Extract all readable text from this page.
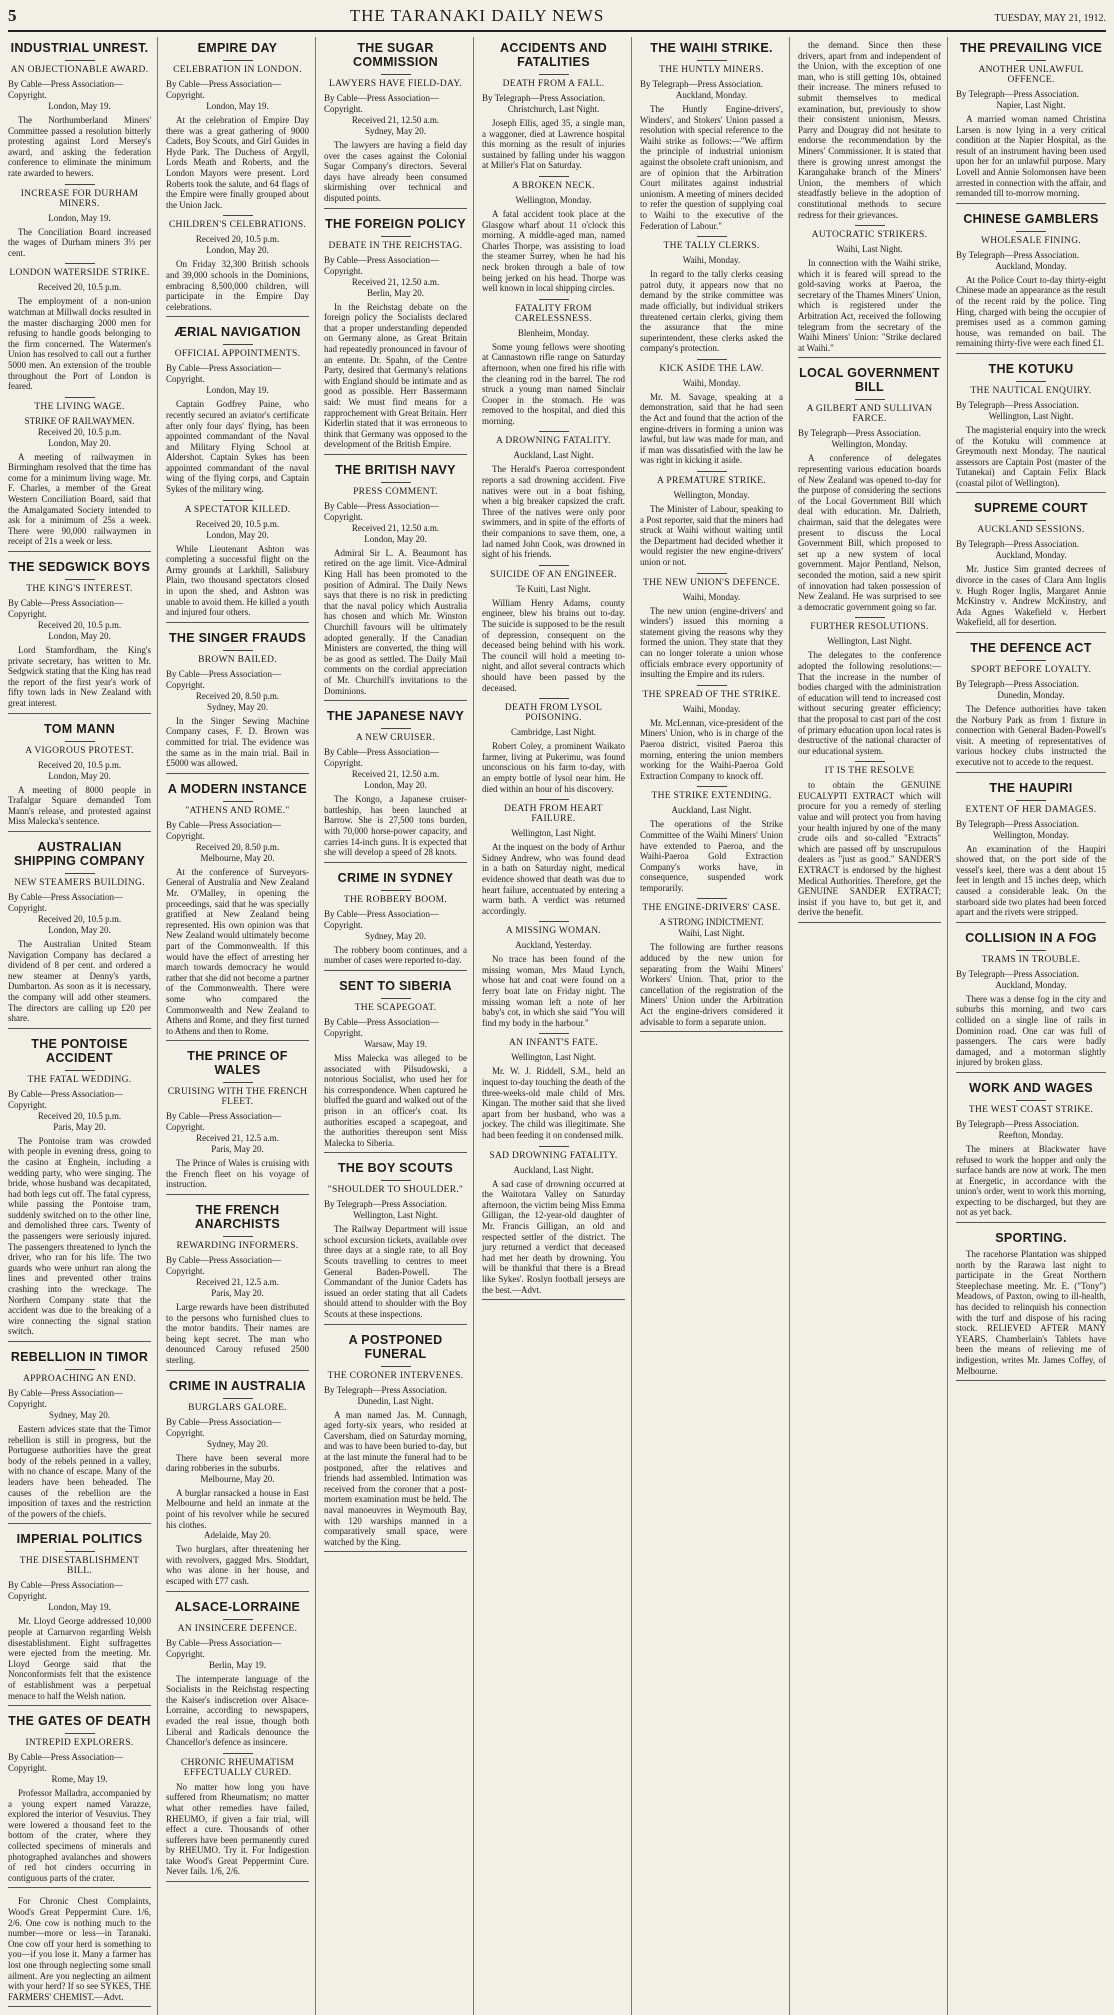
5	THE TARANAKI DAILY NEWS	TUESDAY, MAY 21, 1912.
INDUSTRIAL UNREST.
AN OBJECTIONABLE AWARD.

By Cable—Press Association—Copyright.

London, May 19.

The Northumberland Miners' Committee passed a resolution bitterly protesting against Lord Mersey's award, and asking the federation conference to eliminate the minimum rate awarded to hewers.

INCREASE FOR DURHAM MINERS.

London, May 19.

The Conciliation Board increased the wages of Durham miners 3⅓ per cent.

LONDON WATERSIDE STRIKE.

Received 20, 10.5 p.m.

The employment of a non-union watchman at Millwall docks resulted in the master discharging 2000 men for refusing to handle goods belonging to the firm concerned. The Watermen's Union has resolved to call out a further 5000 men. An extension of the trouble throughout the Port of London is feared.

THE LIVING WAGE.

STRIKE OF RAILWAYMEN.

Received 20, 10.5 p.m.

London, May 20.

A meeting of railwaymen in Birmingham resolved that the time has come for a minimum living wage. Mr. F. Charles, a member of the Great Western Conciliation Board, said that the Amalgamated Society intended to ask for a minimum of 25s a week. There were 90,000 railwaymen in receipt of 21s a week or less.

THE SEDGWICK BOYS
THE KING'S INTEREST.

By Cable—Press Association—Copyright.

Received 20, 10.5 p.m.

London, May 20.

Lord Stamfordham, the King's private secretary, has written to Mr. Sedgwick stating that the King has read the report of the first year's work of fifty town lads in New Zealand with great interest.

TOM MANN
A VIGOROUS PROTEST.

Received 20, 10.5 p.m.

London, May 20.

A meeting of 8000 people in Trafalgar Square demanded Tom Mann's release, and protested against Miss Malecka's sentence.

AUSTRALIAN SHIPPING COMPANY
NEW STEAMERS BUILDING.

By Cable—Press Association—Copyright.

Received 20, 10.5 p.m.

London, May 20.

The Australian United Steam Navigation Company has declared a dividend of 8 per cent. and ordered a new steamer at Denny's yards, Dumbarton. As soon as it is necessary, the company will add other steamers. The directors are calling up £20 per share.

THE PONTOISE ACCIDENT
THE FATAL WEDDING.

By Cable—Press Association—Copyright.

Received 20, 10.5 p.m.

Paris, May 20.

The Pontoise tram was crowded with people in evening dress, going to the casino at Enghein, including a wedding party, who were singing. The bride, whose husband was decapitated, had both legs cut off. The fatal cypress, while passing the Pontoise tram, suddenly switched on to the other line, and demolished three cars. Twenty of the passengers were seriously injured. The passengers threatened to lynch the driver, who ran for his life. The two guards who were unhurt ran along the lines and prevented other trains crashing into the wreckage. The Northern Company state that the accident was due to the breaking of a wire connecting the signal station switch.

REBELLION IN TIMOR
APPROACHING AN END.

By Cable—Press Association—Copyright.

Sydney, May 20.

Eastern advices state that the Timor rebellion is still in progress, but the Portuguese authorities have the great body of the rebels penned in a valley, with no chance of escape. Many of the leaders have been beheaded. The causes of the rebellion are the imposition of taxes and the restriction of the powers of the chiefs.

IMPERIAL POLITICS
THE DISESTABLISHMENT BILL.

By Cable—Press Association—Copyright.

London, May 19.

Mr. Lloyd George addressed 10,000 people at Carnarvon regarding Welsh disestablishment. Eight suffragettes were ejected from the meeting. Mr. Lloyd George said that the Nonconformists felt that the existence of establishment was a perpetual menace to half the Welsh nation.

THE GATES OF DEATH
INTREPID EXPLORERS.

By Cable—Press Association—Copyright.

Rome, May 19.

Professor Malladra, accompanied by a young expert named Varazze, explored the interior of Vesuvius. They were lowered a thousand feet to the bottom of the crater, where they collected specimens of minerals and photographed avalanches and showers of red hot cinders occurring in contiguous parts of the crater.

For Chronic Chest Complaints, Wood's Great Peppermint Cure. 1/6, 2/6. One cow is nothing much to the number—more or less—in Taranaki. One cow off your herd is something to you—if you lose it. Many a farmer has lost one through neglecting some small ailment. Are you neglecting an ailment with your herd? If so see SYKES, THE FARMERS' CHEMIST.—Advt.

EMPIRE DAY
CELEBRATION IN LONDON.

By Cable—Press Association—Copyright.

London, May 19.

At the celebration of Empire Day there was a great gathering of 9000 Cadets, Boy Scouts, and Girl Guides in Hyde Park. The Duchess of Argyll, Lords Meath and Roberts, and the London Mayors were present. Lord Roberts took the salute, and 64 flags of the Empire were finally grouped about the Union Jack.

CHILDREN'S CELEBRATIONS.

Received 20, 10.5 p.m.

London, May 20.

On Friday 32,300 British schools and 39,000 schools in the Dominions, embracing 8,500,000 children, will participate in the Empire Day celebrations.

ÆRIAL NAVIGATION
OFFICIAL APPOINTMENTS.

By Cable—Press Association—Copyright.

London, May 19.

Captain Godfrey Paine, who recently secured an aviator's certificate after only four days' flying, has been appointed commandant of the Naval and Military Flying School at Aldershot. Captain Sykes has been appointed commandant of the naval wing of the flying corps, and Captain Sykes of the military wing.

A SPECTATOR KILLED.

Received 20, 10.5 p.m.

London, May 20.

While Lieutenant Ashton was completing a successful flight on the Army grounds at Larkhill, Salisbury Plain, two thousand spectators closed in upon the shed, and Ashton was unable to avoid them. He killed a youth and injured four others.

THE SINGER FRAUDS
BROWN BAILED.

By Cable—Press Association—Copyright.

Received 20, 8.50 p.m.

Sydney, May 20.

In the Singer Sewing Machine Company cases, F. D. Brown was committed for trial. The evidence was the same as in the main trial. Bail in £5000 was allowed.

A MODERN INSTANCE
"ATHENS AND ROME."

By Cable—Press Association—Copyright.

Received 20, 8.50 p.m.

Melbourne, May 20.

At the conference of Surveyors-General of Australia and New Zealand Mr. O'Malley, in opening the proceedings, said that he was specially gratified at New Zealand being represented. His own opinion was that New Zealand would ultimately become part of the Commonwealth. If this would have the effect of arresting her march towards democracy he would rather that she did not become a partner of the Commonwealth. There were some who compared the Commonwealth and New Zealand to Athens and Rome, and they first turned to Athens and then to Rome.

THE PRINCE OF WALES
CRUISING WITH THE FRENCH FLEET.

By Cable—Press Association—Copyright.

Received 21, 12.5 a.m.

Paris, May 20.

The Prince of Wales is cruising with the French fleet on his voyage of instruction.

THE FRENCH ANARCHISTS
REWARDING INFORMERS.

By Cable—Press Association—Copyright.

Received 21, 12.5 a.m.

Paris, May 20.

Large rewards have been distributed to the persons who furnished clues to the motor bandits. Their names are being kept secret. The man who denounced Carouy refused 2500 sterling.

CRIME IN AUSTRALIA
BURGLARS GALORE.

By Cable—Press Association—Copyright.

Sydney, May 20.

There have been several more daring robberies in the suburbs.

Melbourne, May 20.

A burglar ransacked a house in East Melbourne and held an inmate at the point of his revolver while he secured his clothes.

Adelaide, May 20.

Two burglars, after threatening her with revolvers, gagged Mrs. Stoddart, who was alone in her house, and escaped with £77 cash.

ALSACE-LORRAINE
AN INSINCERE DEFENCE.

By Cable—Press Association—Copyright.

Berlin, May 19.

The intemperate language of the Socialists in the Reichstag respecting the Kaiser's indiscretion over Alsace-Lorraine, according to newspapers, evaded the real issue, though both Liberal and Radicals denounce the Chancellor's defence as insincere.

CHRONIC RHEUMATISM EFFECTUALLY CURED.

No matter how long you have suffered from Rheumatism; no matter what other remedies have failed, RHEUMO, if given a fair trial, will effect a cure. Thousands of other sufferers have been permanently cured by RHEUMO. Try it. For Indigestion take Wood's Great Peppermint Cure. Never fails. 1/6, 2/6.

THE SUGAR COMMISSION
LAWYERS HAVE FIELD-DAY.

By Cable—Press Association—Copyright.

Received 21, 12.50 a.m.

Sydney, May 20.

The lawyers are having a field day over the cases against the Colonial Sugar Company's directors. Several days have already been consumed skirmishing over technical and disputed points.

THE FOREIGN POLICY
DEBATE IN THE REICHSTAG.

By Cable—Press Association—Copyright.

Received 21, 12.50 a.m.

Berlin, May 20.

In the Reichstag debate on the foreign policy the Socialists declared that a proper understanding depended on Germany alone, as Great Britain had repeatedly pronounced in favour of an entente. Dr. Spahn, of the Centre Party, desired that Germany's relations with England should be intimate and as good as possible. Herr Bassermann said: We must find means for a rapprochement with Great Britain. Herr Kiderlin stated that it was erroneous to think that Germany was opposed to the development of the British Empire.

THE BRITISH NAVY
PRESS COMMENT.

By Cable—Press Association—Copyright.

Received 21, 12.50 a.m.

London, May 20.

Admiral Sir L. A. Beaumont has retired on the age limit. Vice-Admiral King Hall has been promoted to the position of Admiral. The Daily News says that there is no risk in predicting that the naval policy which Australia has chosen and which Mr. Winston Churchill favours will be ultimately adopted generally. If the Canadian Ministers are converted, the thing will be as good as settled. The Daily Mail comments on the cordial appreciation of Mr. Churchill's invitations to the Dominions.

THE JAPANESE NAVY
A NEW CRUISER.

By Cable—Press Association—Copyright.

Received 21, 12.50 a.m.

London, May 20.

The Kongo, a Japanese cruiser-battleship, has been launched at Barrow. She is 27,500 tons burden, with 70,000 horse-power capacity, and carries 14-inch guns. It is expected that she will develop a speed of 28 knots.

CRIME IN SYDNEY
THE ROBBERY BOOM.

By Cable—Press Association—Copyright.

Sydney, May 20.

The robbery boom continues, and a number of cases were reported to-day.

SENT TO SIBERIA
THE SCAPEGOAT.

By Cable—Press Association—Copyright.

Warsaw, May 19.

Miss Malecka was alleged to be associated with Pilsudowski, a notorious Socialist, who used her for his correspondence. When captured he bluffed the guard and walked out of the prison in an officer's coat. Its authorities escaped a scapegoat, and the authorities thereupon sent Miss Malecka to Siberia.

THE BOY SCOUTS
"SHOULDER TO SHOULDER."

By Telegraph—Press Association.

Wellington, Last Night.

The Railway Department will issue school excursion tickets, available over three days at a single rate, to all Boy Scouts travelling to centres to meet General Baden-Powell. The Commandant of the Junior Cadets has issued an order stating that all Cadets should attend to shoulder with the Boy Scouts at these inspections.

A POSTPONED FUNERAL
THE CORONER INTERVENES.

By Telegraph—Press Association.

Dunedin, Last Night.

A man named Jas. M. Cunnagh, aged forty-six years, who resided at Caversham, died on Saturday morning, and was to have been buried to-day, but at the last minute the funeral had to be postponed, after the relatives and friends had assembled. Intimation was received from the coroner that a post-mortem examination must be held. The naval manoeuvres in Weymouth Bay, with 120 warships manned in a comparatively small space, were watched by the King.

ACCIDENTS AND FATALITIES
DEATH FROM A FALL.

By Telegraph—Press Association.

Christchurch, Last Night.

Joseph Ellis, aged 35, a single man, a waggoner, died at Lawrence hospital this morning as the result of injuries sustained by falling under his waggon at Miller's Flat on Saturday.

A BROKEN NECK.

Wellington, Monday.

A fatal accident took place at the Glasgow wharf about 11 o'clock this morning. A middle-aged man, named Charles Thorpe, was assisting to load the steamer Surrey, when he had his neck broken through a bale of tow being jerked on his head. Thorpe was well known in local shipping circles.

FATALITY FROM CARELESSNESS.

Blenheim, Monday.

Some young fellows were shooting at Cannastown rifle range on Saturday afternoon, when one fired his rifle with the cleaning rod in the barrel. The rod struck a young man named Sinclair Cooper in the stomach. He was removed to the hospital, and died this morning.

A DROWNING FATALITY.

Auckland, Last Night.

The Herald's Paeroa correspondent reports a sad drowning accident. Five natives were out in a boat fishing, when a big breaker capsized the craft. Three of the natives were only poor swimmers, and in spite of the efforts of their companions to save them, one, a lad named John Cook, was drowned in sight of his friends.

SUICIDE OF AN ENGINEER.

Te Kuiti, Last Night.

William Henry Adams, county engineer, blew his brains out to-day. The suicide is supposed to be the result of depression, consequent on the deceased being behind with his work. The council will hold a meeting to-night, and allot several contracts which should have been passed by the deceased.

DEATH FROM LYSOL POISONING.

Cambridge, Last Night.

Robert Coley, a prominent Waikato farmer, living at Pukerimu, was found unconscious on his farm to-day, with an empty bottle of lysol near him. He died within an hour of his discovery.

DEATH FROM HEART FAILURE.

Wellington, Last Night.

At the inquest on the body of Arthur Sidney Andrew, who was found dead in a bath on Saturday night, medical evidence showed that death was due to heart failure, accentuated by entering a warm bath. A verdict was returned accordingly.

A MISSING WOMAN.

Auckland, Yesterday.

No trace has been found of the missing woman, Mrs Maud Lynch, whose hat and coat were found on a ferry boat late on Friday night. The missing woman left a note of her baby's cot, in which she said "You will find my body in the harbour."

AN INFANT'S FATE.

Wellington, Last Night.

Mr. W. J. Riddell, S.M., held an inquest to-day touching the death of the three-weeks-old male child of Mrs. Kingan. The mother said that she lived apart from her husband, who was a jockey. The child was illegitimate. She had been feeding it on condensed milk.

SAD DROWNING FATALITY.

Auckland, Last Night.

A sad case of drowning occurred at the Waitotara Valley on Saturday afternoon, the victim being Miss Emma Gilligan, the 12-year-old daughter of Mr. Francis Gilligan, an old and respected settler of the district. The jury returned a verdict that deceased had met her death by drowning. You will be thankful that there is a Bread like Sykes'. Roslyn football jerseys are the best.—Advt.

THE WAIHI STRIKE.
THE HUNTLY MINERS.

By Telegraph—Press Association.

Auckland, Monday.

The Huntly Engine-drivers', Winders', and Stokers' Union passed a resolution with special reference to the Waihi strike as follows:—"We affirm the principle of industrial unionism against the obsolete craft unionism, and are of opinion that the Arbitration Court militates against industrial unionism. A meeting of miners decided to refer the question of supplying coal to Waihi to the executive of the Federation of Labour."

THE TALLY CLERKS.

Waihi, Monday.

In regard to the tally clerks ceasing patrol duty, it appears now that no demand by the strike committee was made officially, but individual strikers threatened certain clerks, giving them the assurance that the mine superintendent, these clerks asked the company's protection.

KICK ASIDE THE LAW.

Waihi, Monday.

Mr. M. Savage, speaking at a demonstration, said that he had seen the Act and found that the action of the engine-drivers in forming a union was lawful, but law was made for man, and if man was dissatisfied with the law he was right in kicking it aside.

A PREMATURE STRIKE.

Wellington, Monday.

The Minister of Labour, speaking to a Post reporter, said that the miners had struck at Waihi without waiting until the Department had decided whether it would register the new engine-drivers' union or not.

THE NEW UNION'S DEFENCE.

Waihi, Monday.

The new union (engine-drivers' and winders') issued this morning a statement giving the reasons why they formed the union. They state that they can no longer tolerate a union whose officials embrace every opportunity of insulting the Empire and its rulers.

THE SPREAD OF THE STRIKE.

Waihi, Monday.

Mr. McLennan, vice-president of the Miners' Union, who is in charge of the Paeroa district, visited Paeroa this morning, entering the union members working for the Waihi-Paeroa Gold Extraction Company to knock off.

THE STRIKE EXTENDING.

Auckland, Last Night.

The operations of the Strike Committee of the Waihi Miners' Union have extended to Paeroa, and the Waihi-Paeroa Gold Extraction Company's works have, in consequence, suspended work temporarily.

THE ENGINE-DRIVERS' CASE.

A STRONG INDICTMENT.

Waihi, Last Night.

The following are further reasons adduced by the new union for separating from the Waihi Miners' Workers' Union. That, prior to the cancellation of the registration of the Miners' Union under the Arbitration Act the engine-drivers considered it advisable to form a separate union.

the demand. Since then these drivers, apart from and independent of the Union, with the exception of one man, who is still getting 10s, obtained their increase. The miners refused to submit themselves to medical examination, but, previously to show their consistent unionism, Messrs. Parry and Dougray did not hesitate to endorse the recommendation by the Miners' Commissioner. It is stated that there is growing unrest amongst the Karangahake branch of the Miners' Union, the members of which steadfastly believe in the adoption of constitutional methods to secure redress for their grievances.

AUTOCRATIC STRIKERS.

Waihi, Last Night.

In connection with the Waihi strike, which it is feared will spread to the gold-saving works at Paeroa, the secretary of the Thames Miners' Union, which is registered under the Arbitration Act, received the following telegram from the secretary of the Waihi Miners' Union: "Strike declared at Waihi."

LOCAL GOVERNMENT BILL
A GILBERT AND SULLIVAN FARCE.

By Telegraph—Press Association.

Wellington, Monday.

A conference of delegates representing various education boards of New Zealand was opened to-day for the purpose of considering the sections of the Local Government Bill which deal with education. Mr. Dalrieth, chairman, said that the delegates were present to discuss the Local Government Bill, which proposed to set up a new system of local government. Major Pentland, Nelson, seconded the motion, said a new spirit of innovation had taken possession of New Zealand. He was surprised to see a democratic government going so far.

FURTHER RESOLUTIONS.

Wellington, Last Night.

The delegates to the conference adopted the following resolutions:—That the increase in the number of bodies charged with the administration of education will tend to increased cost without securing greater efficiency; that the proposal to cast part of the cost of primary education upon local rates is destructive of the national character of our educational system.

IT IS THE RESOLVE

to obtain the GENUINE EUCALYPTI EXTRACT which will procure for you a remedy of sterling value and will protect you from having your health injured by one of the many crude oils and so-called "Extracts" which are passed off by unscrupulous dealers as "just as good." SANDER'S EXTRACT is endorsed by the highest Medical Authorities. Therefore, get the GENUINE SANDER EXTRACT; insist if you have to, but get it, and derive the benefit.

THE PREVAILING VICE
ANOTHER UNLAWFUL OFFENCE.

By Telegraph—Press Association.

Napier, Last Night.

A married woman named Christina Larsen is now lying in a very critical condition at the Napier Hospital, as the result of an instrument having been used upon her for an unlawful purpose. Mary Lovell and Annie Solomonsen have been arrested in connection with the affair, and remanded till to-morrow morning.

CHINESE GAMBLERS
WHOLESALE FINING.

By Telegraph—Press Association.

Auckland, Monday.

At the Police Court to-day thirty-eight Chinese made an appearance as the result of the recent raid by the police. Ting Hing, charged with being the occupier of premises used as a common gaming house, was remanded on bail. The remaining thirty-five were each fined £1.

THE KOTUKU
THE NAUTICAL ENQUIRY.

By Telegraph—Press Association.

Wellington, Last Night.

The magisterial enquiry into the wreck of the Kotuku will commence at Greymouth next Monday. The nautical assessors are Captain Post (master of the Tutanekai) and Captain Felix Black (coastal pilot of Wellington).

SUPREME COURT
AUCKLAND SESSIONS.

By Telegraph—Press Association.

Auckland, Monday.

Mr. Justice Sim granted decrees of divorce in the cases of Clara Ann Inglis v. Hugh Roger Inglis, Margaret Annie McKinstry v. Andrew McKinstry, and Ada Agnes Wakefield v. Herbert Wakefield, all for desertion.

THE DEFENCE ACT
SPORT BEFORE LOYALTY.

By Telegraph—Press Association.

Dunedin, Monday.

The Defence authorities have taken the Norbury Park as from 1 fixture in connection with General Baden-Powell's visit. A meeting of representatives of various hockey clubs instructed the executive not to accede to the request.

THE HAUPIRI
EXTENT OF HER DAMAGES.

By Telegraph—Press Association.

Wellington, Monday.

An examination of the Haupiri showed that, on the port side of the vessel's keel, there was a dent about 15 feet in length and 15 inches deep, which caused a considerable leak. On the starboard side two plates had been forced apart and the rivets were stripped.

COLLISION IN A FOG
TRAMS IN TROUBLE.

By Telegraph—Press Association.

Auckland, Monday.

There was a dense fog in the city and suburbs this morning, and two cars collided on a single line of rails in Dominion road. One car was full of passengers. The cars were badly damaged, and a motorman slightly injured by broken glass.

WORK AND WAGES
THE WEST COAST STRIKE.

By Telegraph—Press Association.

Reefton, Monday.

The miners at Blackwater have refused to work the hopper and only the surface hands are now at work. The men at Energetic, in accordance with the union's order, went to work this morning, expecting to be discharged, but they are not as yet back.

SPORTING.

The racehorse Plantation was shipped north by the Rarawa last night to participate in the Great Northern Steeplechase meeting. Mr. E. ("Tony") Meadows, of Paxton, owing to ill-health, has decided to relinquish his connection with the turf and dispose of his racing stock. RELIEVED AFTER MANY YEARS. Chamberlain's Tablets have been the means of relieving me of indigestion, writes Mr. James Coffey, of Melbourne.
